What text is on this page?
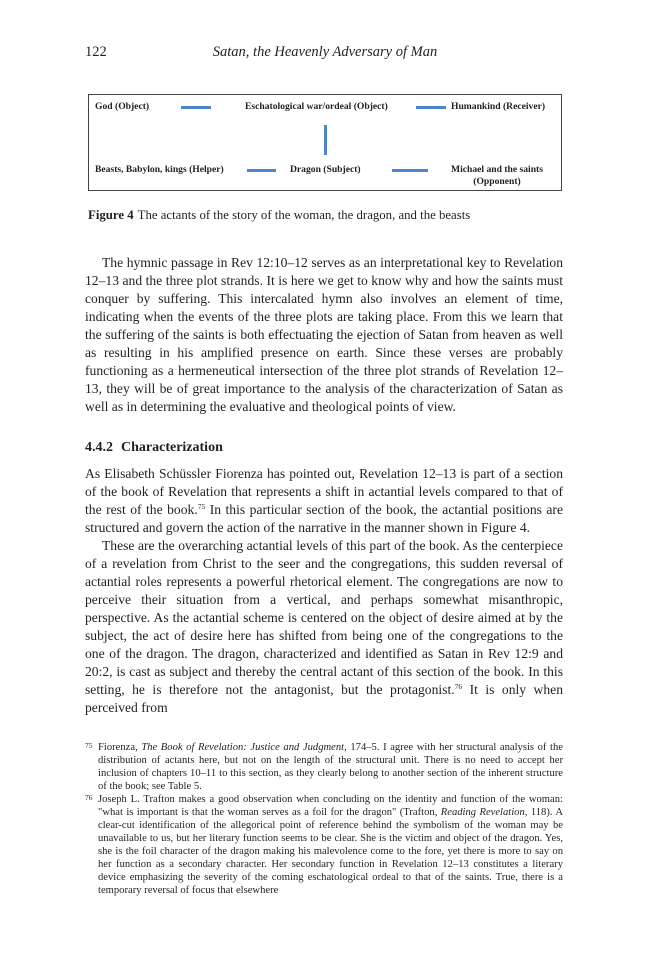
122	Satan, the Heavenly Adversary of Man
God (Object)	Eschatological war/ordeal (Object)	Humankind (Receiver)
Beasts, Babylon, kings (Helper)	Dragon (Subject)	Michael and the saints
(Opponent)
Figure 4 The actants of the story of the woman, the dragon, and the beasts

The hymnic passage in Rev 12:10–12 serves as an interpretational key to Revelation 12–13 and the three plot strands. It is here we get to know why and how the saints must conquer by suffering. This intercalated hymn also involves an element of time, indicating when the events of the three plots are taking place. From this we learn that the suffering of the saints is both effectuating the ejection of Satan from heaven as well as resulting in his amplified presence on earth. Since these verses are probably functioning as a hermeneutical intersection of the three plot strands of Revelation 12–13, they will be of great importance to the analysis of the characterization of Satan as well as in determining the evaluative and theological points of view.

4.4.2 Characterization

As Elisabeth Schüssler Fiorenza has pointed out, Revelation 12–13 is part of a section of the book of Revelation that represents a shift in actantial levels compared to that of the rest of the book.$^{75}$ In this particular section of the book, the actantial positions are structured and govern the action of the narrative in the manner shown in Figure 4.

These are the overarching actantial levels of this part of the book. As the centerpiece of a revelation from Christ to the seer and the congregations, this sudden reversal of actantial roles represents a powerful rhetorical element. The congregations are now to perceive their situation from a vertical, and perhaps somewhat misanthropic, perspective. As the actantial scheme is centered on the object of desire aimed at by the subject, the act of desire here has shifted from being one of the congregations to the one of the dragon. The dragon, characterized and identified as Satan in Rev 12:9 and 20:2, is cast as subject and thereby the central actant of this section of the book. In this setting, he is therefore not the antagonist, but the protagonist.$^{76}$ It is only when perceived from

75 Fiorenza, The Book of Revelation: Justice and Judgment, 174–5. I agree with her structural analysis of the distribution of actants here, but not on the length of the structural unit. There is no need to accept her inclusion of chapters 10–11 to this section, as they clearly belong to another section of the inherent structure of the book; see Table 5.
76 Joseph L. Trafton makes a good observation when concluding on the identity and function of the woman: "what is important is that the woman serves as a foil for the dragon" (Trafton, Reading Revelation, 118). A clear-cut identification of the allegorical point of reference behind the symbolism of the woman may be unavailable to us, but her literary function seems to be clear. She is the victim and object of the dragon. Yes, she is the foil character of the dragon making his malevolence come to the fore, yet there is more to say on her function as a secondary character. Her secondary function in Revelation 12–13 constitutes a literary device emphasizing the severity of the coming eschatological ordeal to that of the saints. True, there is a temporary reversal of focus that elsewhere
